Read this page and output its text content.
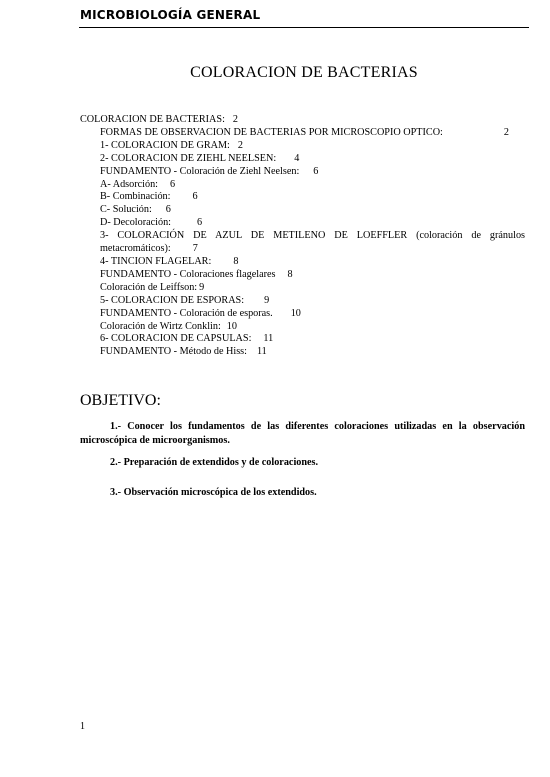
MICROBIOLOGÍA GENERAL
COLORACION DE BACTERIAS
COLORACION DE BACTERIAS: 2
FORMAS DE OBSERVACION DE BACTERIAS POR MICROSCOPIO OPTICO:	2
1- COLORACION DE GRAM: 2
2- COLORACION DE ZIEHL NEELSEN: 4
FUNDAMENTO - Coloración de Ziehl Neelsen: 6
A- Adsorción: 6
B- Combinación: 6
C- Solución: 6
D- Decoloración:	6
3- COLORACIÓN DE AZUL DE METILENO DE LOEFFLER (coloración de gránulos metacromáticos): 7
4- TINCION FLAGELAR: 8
FUNDAMENTO - Coloraciones flagelares 8
Coloración de Leiffson: 9
5- COLORACION DE ESPORAS: 9
FUNDAMENTO - Coloración de esporas. 10
Coloración de Wirtz Conklin: 10
6- COLORACION DE CAPSULAS: 11
FUNDAMENTO - Método de Hiss: 11
OBJETIVO:
1.- Conocer los fundamentos de las diferentes coloraciones utilizadas en la observación microscópica de microorganismos.
2.- Preparación de extendidos y de coloraciones.
3.- Observación microscópica de los extendidos.
1
